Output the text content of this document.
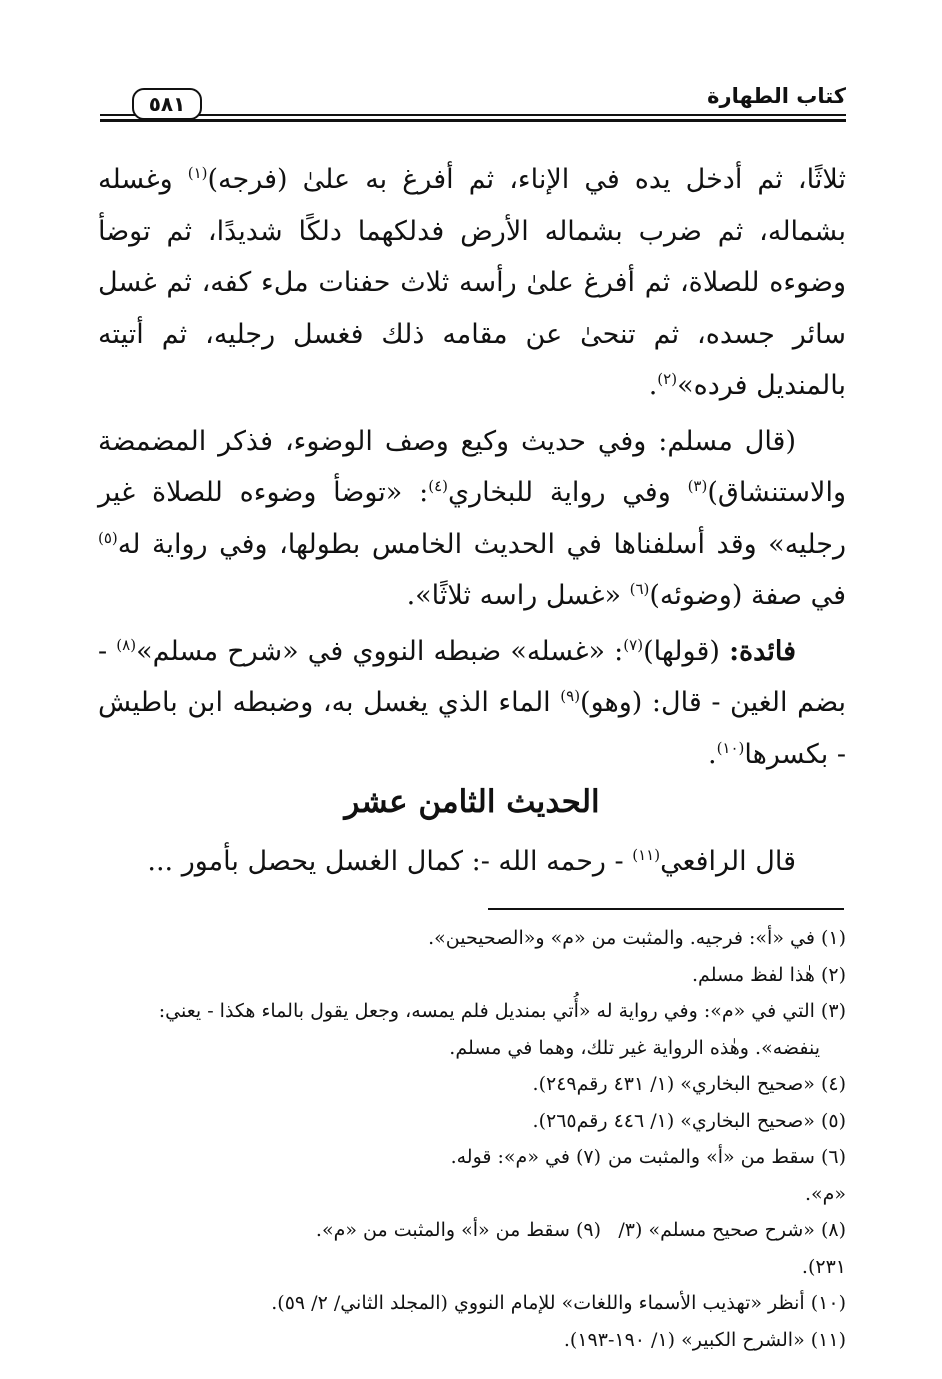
كتاب الطهارة
٥٨١

ثلاثًا، ثم أدخل يده في الإناء، ثم أفرغ به علىٰ (فرجه)$^{(١)}$ وغسله بشماله، ثم ضرب بشماله الأرض فدلكهما دلكًا شديدًا، ثم توضأ وضوءه للصلاة، ثم أفرغ علىٰ رأسه ثلاث حفنات ملء كفه، ثم غسل سائر جسده، ثم تنحىٰ عن مقامه ذلك فغسل رجليه، ثم أتيته بالمنديل فرده»$^{(٢)}$.

(قال مسلم: وفي حديث وكيع وصف الوضوء، فذكر المضمضة والاستنشاق)$^{(٣)}$ وفي رواية للبخاري$^{(٤)}$: «توضأ وضوءه للصلاة غير رجليه» وقد أسلفناها في الحديث الخامس بطولها، وفي رواية له$^{(٥)}$ في صفة (وضوئه)$^{(٦)}$ «غسل راسه ثلاثًا».

فائدة: (قولها)$^{(٧)}$: «غسله» ضبطه النووي في «شرح مسلم»$^{(٨)}$ - بضم الغين - قال: (وهو)$^{(٩)}$ الماء الذي يغسل به، وضبطه ابن باطيش - بكسرها$^{(١٠)}$.

الحديث الثامن عشر
قال الرافعي$^{(١١)}$ - رحمه الله -: كمال الغسل يحصل بأمور ...

(١) في «أ»: فرجيه. والمثبت من «م» و«الصحيحين».

(٢) هٰذا لفظ مسلم.

(٣) التي في «م»: وفي رواية له «أُتي بمنديل فلم يمسه، وجعل يقول بالماء هكذا - يعني:

ينفضه». وهٰذه الرواية غير تلك، وهما في مسلم.

(٤) «صحيح البخاري» (١/ ٤٣١ رقم٢٤٩).

(٥) «صحيح البخاري» (١/ ٤٤٦ رقم٢٦٥).

(٦) سقط من «أ» والمثبت من «م».
(٧) في «م»: قوله.
(٨) «شرح صحيح مسلم» (٣/ ٢٣١).
(٩) سقط من «أ» والمثبت من «م».

(١٠) أنظر «تهذيب الأسماء واللغات» للإمام النووي (المجلد الثاني/ ٢/ ٥٩).

(١١) «الشرح الكبير» (١/ ١٩٠-١٩٣).
